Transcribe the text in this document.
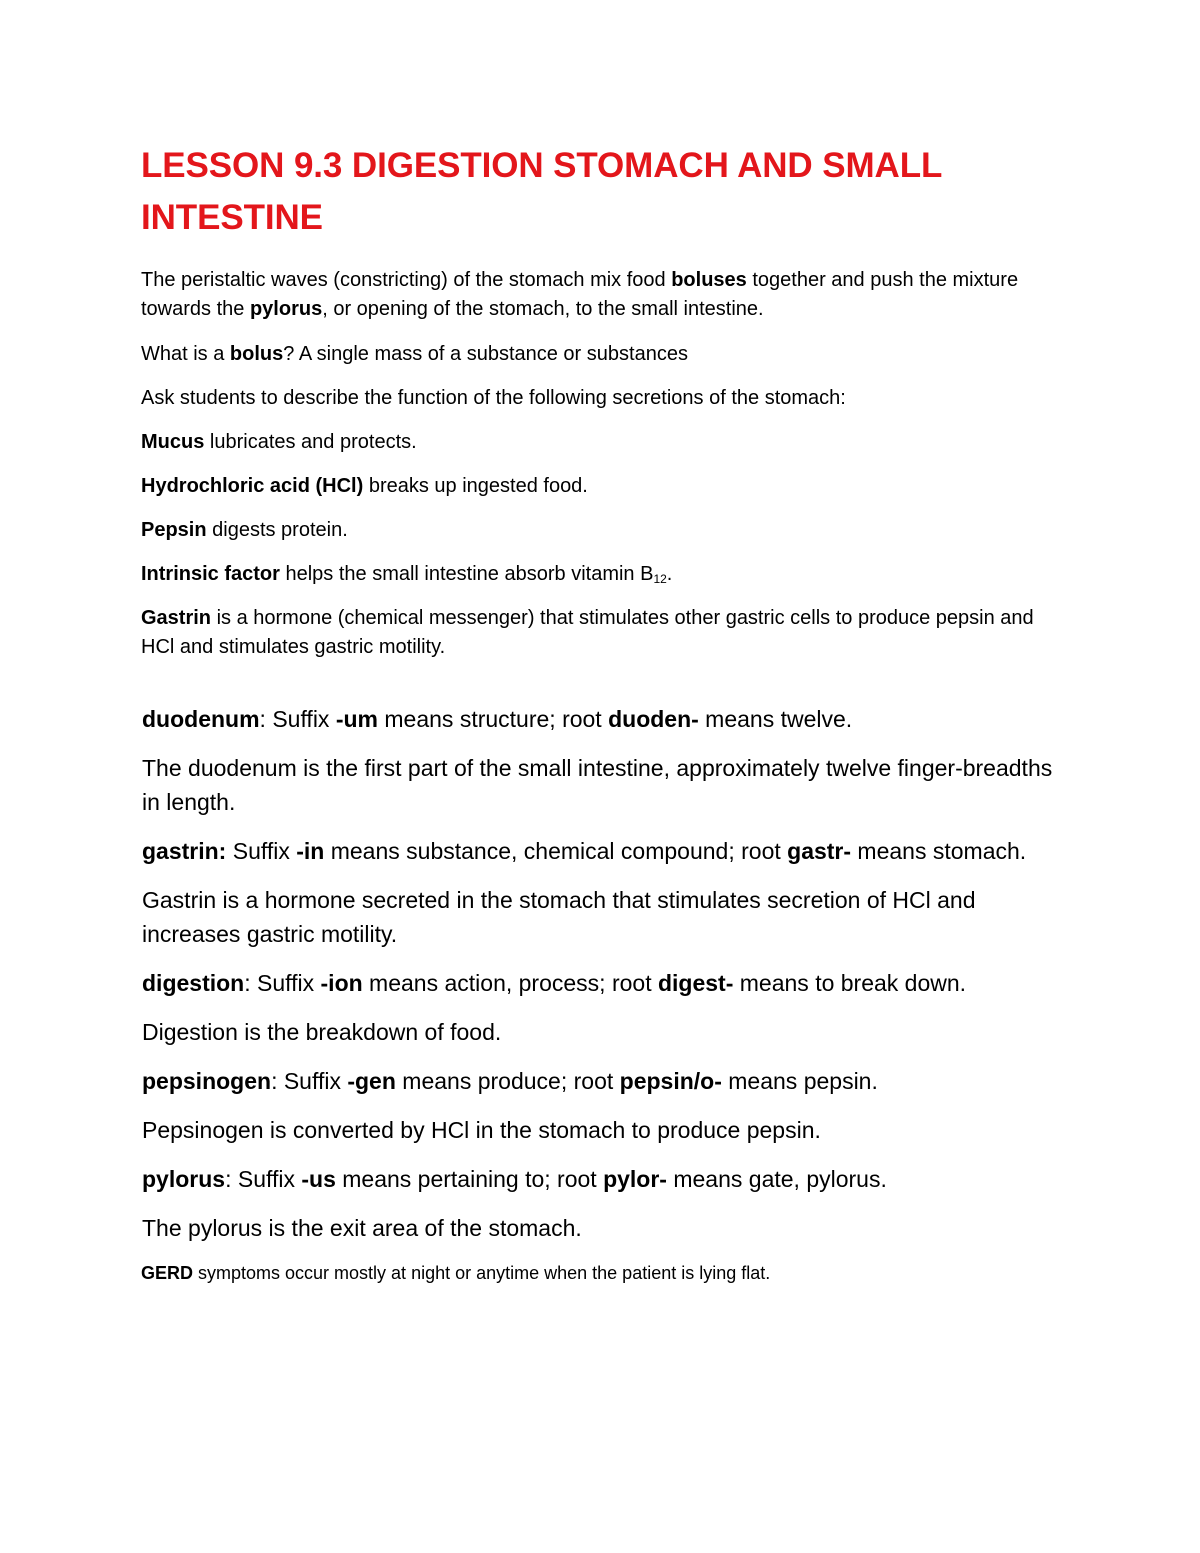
LESSON 9.3 DIGESTION STOMACH AND SMALL INTESTINE

The peristaltic waves (constricting) of the stomach mix food boluses together and push the mixture towards the pylorus, or opening of the stomach, to the small intestine.

What is a bolus? A single mass of a substance or substances

Ask students to describe the function of the following secretions of the stomach:

Mucus lubricates and protects.

Hydrochloric acid (HCl) breaks up ingested food.

Pepsin digests protein.

Intrinsic factor helps the small intestine absorb vitamin $B_{12}$.

Gastrin is a hormone (chemical messenger) that stimulates other gastric cells to produce pepsin and HCl and stimulates gastric motility.

duodenum: Suffix -um means structure; root duoden- means twelve.

The duodenum is the first part of the small intestine, approximately twelve finger-breadths in length.

gastrin: Suffix -in means substance, chemical compound; root gastr- means stomach.

Gastrin is a hormone secreted in the stomach that stimulates secretion of HCl and increases gastric motility.

digestion: Suffix -ion means action, process; root digest- means to break down.

Digestion is the breakdown of food.

pepsinogen: Suffix -gen means produce; root pepsin/o- means pepsin.

Pepsinogen is converted by HCl in the stomach to produce pepsin.

pylorus: Suffix -us means pertaining to; root pylor- means gate, pylorus.

The pylorus is the exit area of the stomach.

GERD symptoms occur mostly at night or anytime when the patient is lying flat.
